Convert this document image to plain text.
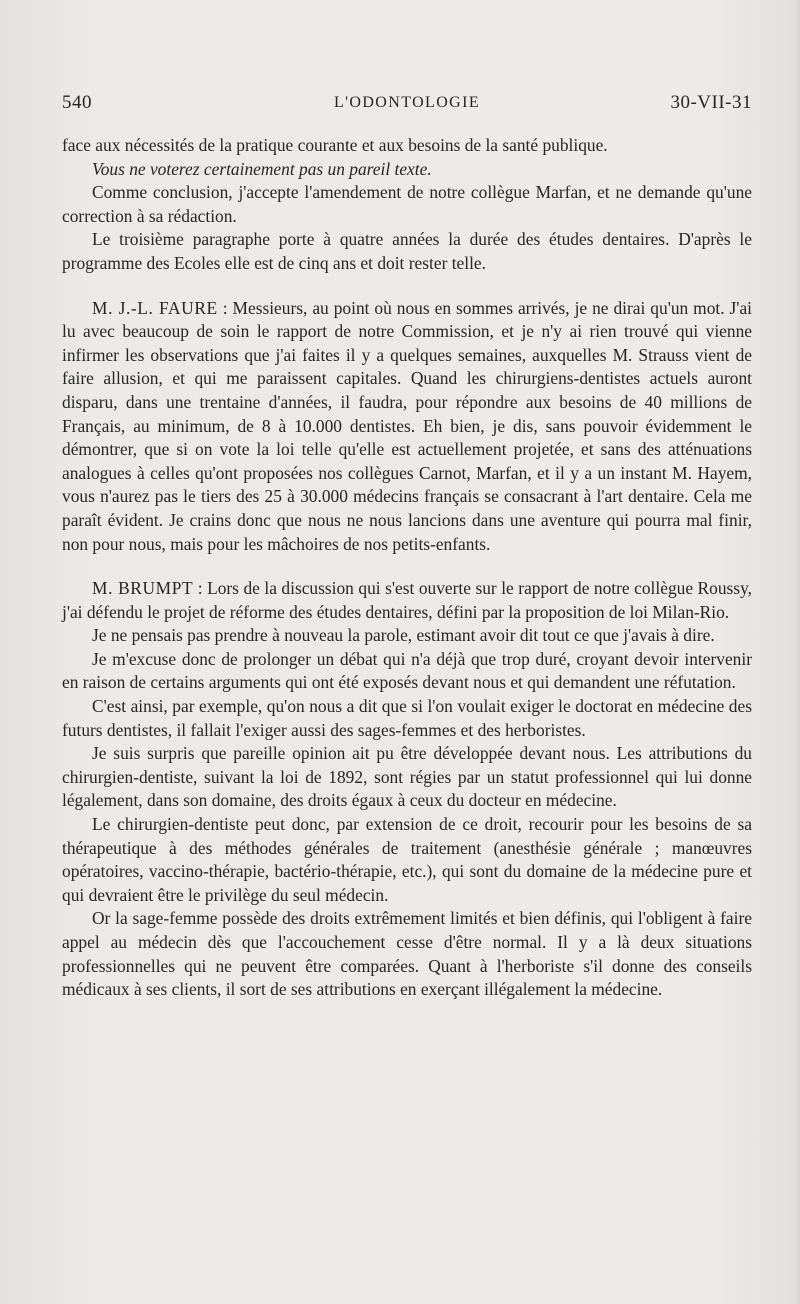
540	L'ODONTOLOGIE	30-VII-31

face aux nécessités de la pratique courante et aux besoins de la santé publique.

Vous ne voterez certainement pas un pareil texte.

Comme conclusion, j'accepte l'amendement de notre collègue Marfan, et ne demande qu'une correction à sa rédaction.

Le troisième paragraphe porte à quatre années la durée des études dentaires. D'après le programme des Ecoles elle est de cinq ans et doit rester telle.

M. J.-L. FAURE : Messieurs, au point où nous en sommes arrivés, je ne dirai qu'un mot. J'ai lu avec beaucoup de soin le rapport de notre Commission, et je n'y ai rien trouvé qui vienne infirmer les observations que j'ai faites il y a quelques semaines, auxquelles M. Strauss vient de faire allusion, et qui me paraissent capitales. Quand les chirurgiens-dentistes actuels auront disparu, dans une trentaine d'années, il faudra, pour répondre aux besoins de 40 millions de Français, au minimum, de 8 à 10.000 dentistes. Eh bien, je dis, sans pouvoir évidemment le démontrer, que si on vote la loi telle qu'elle est actuellement projetée, et sans des atténuations analogues à celles qu'ont proposées nos collègues Carnot, Marfan, et il y a un instant M. Hayem, vous n'aurez pas le tiers des 25 à 30.000 médecins français se consacrant à l'art dentaire. Cela me paraît évident. Je crains donc que nous ne nous lancions dans une aventure qui pourra mal finir, non pour nous, mais pour les mâchoires de nos petits-enfants.

M. BRUMPT : Lors de la discussion qui s'est ouverte sur le rapport de notre collègue Roussy, j'ai défendu le projet de réforme des études dentaires, défini par la proposition de loi Milan-Rio.

Je ne pensais pas prendre à nouveau la parole, estimant avoir dit tout ce que j'avais à dire.

Je m'excuse donc de prolonger un débat qui n'a déjà que trop duré, croyant devoir intervenir en raison de certains arguments qui ont été exposés devant nous et qui demandent une réfutation.

C'est ainsi, par exemple, qu'on nous a dit que si l'on voulait exiger le doctorat en médecine des futurs dentistes, il fallait l'exiger aussi des sages-femmes et des herboristes.

Je suis surpris que pareille opinion ait pu être développée devant nous. Les attributions du chirurgien-dentiste, suivant la loi de 1892, sont régies par un statut professionnel qui lui donne légalement, dans son domaine, des droits égaux à ceux du docteur en médecine.

Le chirurgien-dentiste peut donc, par extension de ce droit, recourir pour les besoins de sa thérapeutique à des méthodes générales de traitement (anesthésie générale ; manœuvres opératoires, vaccino-thérapie, bactério-thérapie, etc.), qui sont du domaine de la médecine pure et qui devraient être le privilège du seul médecin.

Or la sage-femme possède des droits extrêmement limités et bien définis, qui l'obligent à faire appel au médecin dès que l'accouchement cesse d'être normal. Il y a là deux situations professionnelles qui ne peuvent être comparées. Quant à l'herboriste s'il donne des conseils médicaux à ses clients, il sort de ses attributions en exerçant illégalement la médecine.
